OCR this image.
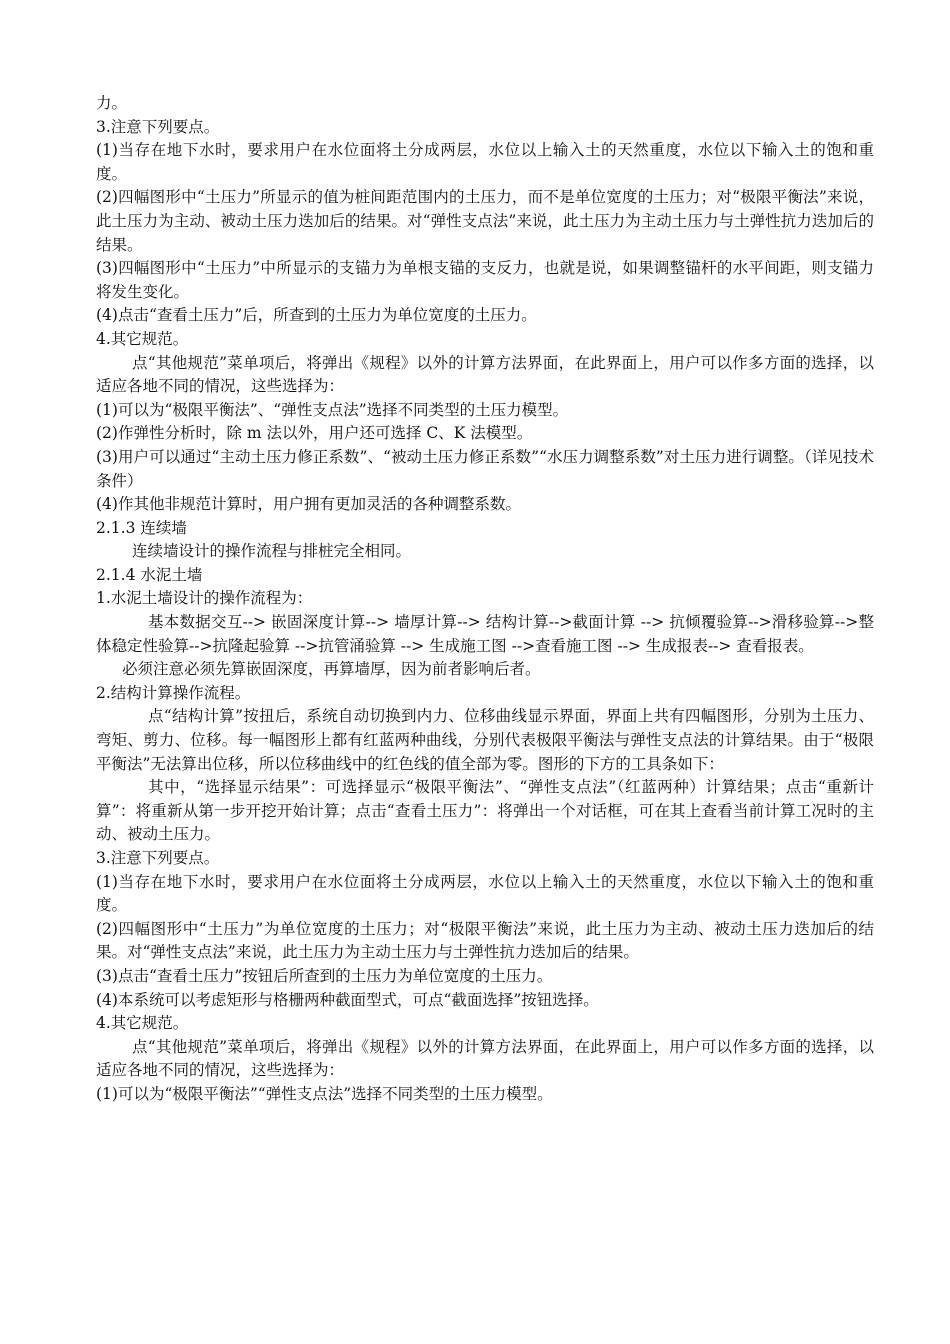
力。

3.注意下列要点。

(1)当存在地下水时，要求用户在水位面将土分成两层，水位以上输入土的天然重度，水位以下输入土的饱和重度。

(2)四幅图形中“土压力”所显示的值为桩间距范围内的土压力，而不是单位宽度的土压力；对“极限平衡法”来说，此土压力为主动、被动土压力迭加后的结果。对“弹性支点法”来说，此土压力为主动土压力与土弹性抗力迭加后的结果。

(3)四幅图形中“土压力”中所显示的支锚力为单根支锚的支反力，也就是说，如果调整锚杆的水平间距，则支锚力将发生变化。

(4)点击“查看土压力”后，所查到的土压力为单位宽度的土压力。

4.其它规范。

点“其他规范”菜单项后，将弹出《规程》以外的计算方法界面，在此界面上，用户可以作多方面的选择，以适应各地不同的情况，这些选择为：

(1)可以为“极限平衡法”、“弹性支点法”选择不同类型的土压力模型。

(2)作弹性分析时，除 m 法以外，用户还可选择 C、K 法模型。

(3)用户可以通过“主动土压力修正系数”、“被动土压力修正系数”“水压力调整系数”对土压力进行调整。（详见技术条件）

(4)作其他非规范计算时，用户拥有更加灵活的各种调整系数。

2.1.3 连续墙

连续墙设计的操作流程与排桩完全相同。

2.1.4 水泥土墙

1.水泥土墙设计的操作流程为：

基本数据交互--> 嵌固深度计算--> 墙厚计算--> 结构计算-->截面计算 --> 抗倾覆验算-->滑移验算-->整体稳定性验算-->抗隆起验算 -->抗管涌验算 --> 生成施工图 -->查看施工图 --> 生成报表--> 查看报表。

必须注意必须先算嵌固深度，再算墙厚，因为前者影响后者。

2.结构计算操作流程。

点“结构计算”按扭后，系统自动切换到内力、位移曲线显示界面，界面上共有四幅图形，分别为土压力、弯矩、剪力、位移。每一幅图形上都有红蓝两种曲线，分别代表极限平衡法与弹性支点法的计算结果。由于“极限平衡法”无法算出位移，所以位移曲线中的红色线的值全部为零。图形的下方的工具条如下：

其中，“选择显示结果”：可选择显示“极限平衡法”、“弹性支点法”（红蓝两种）计算结果；点击“重新计算”：将重新从第一步开挖开始计算；点击“查看土压力”：将弹出一个对话框，可在其上查看当前计算工况时的主动、被动土压力。

3.注意下列要点。

(1)当存在地下水时，要求用户在水位面将土分成两层，水位以上输入土的天然重度，水位以下输入土的饱和重度。

(2)四幅图形中“土压力”为单位宽度的土压力；对“极限平衡法”来说，此土压力为主动、被动土压力迭加后的结果。对“弹性支点法”来说，此土压力为主动土压力与土弹性抗力迭加后的结果。

(3)点击“查看土压力”按钮后所查到的土压力为单位宽度的土压力。

(4)本系统可以考虑矩形与格栅两种截面型式，可点“截面选择”按钮选择。

4.其它规范。

点“其他规范”菜单项后，将弹出《规程》以外的计算方法界面，在此界面上，用户可以作多方面的选择，以适应各地不同的情况，这些选择为：

(1)可以为“极限平衡法”“弹性支点法”选择不同类型的土压力模型。
